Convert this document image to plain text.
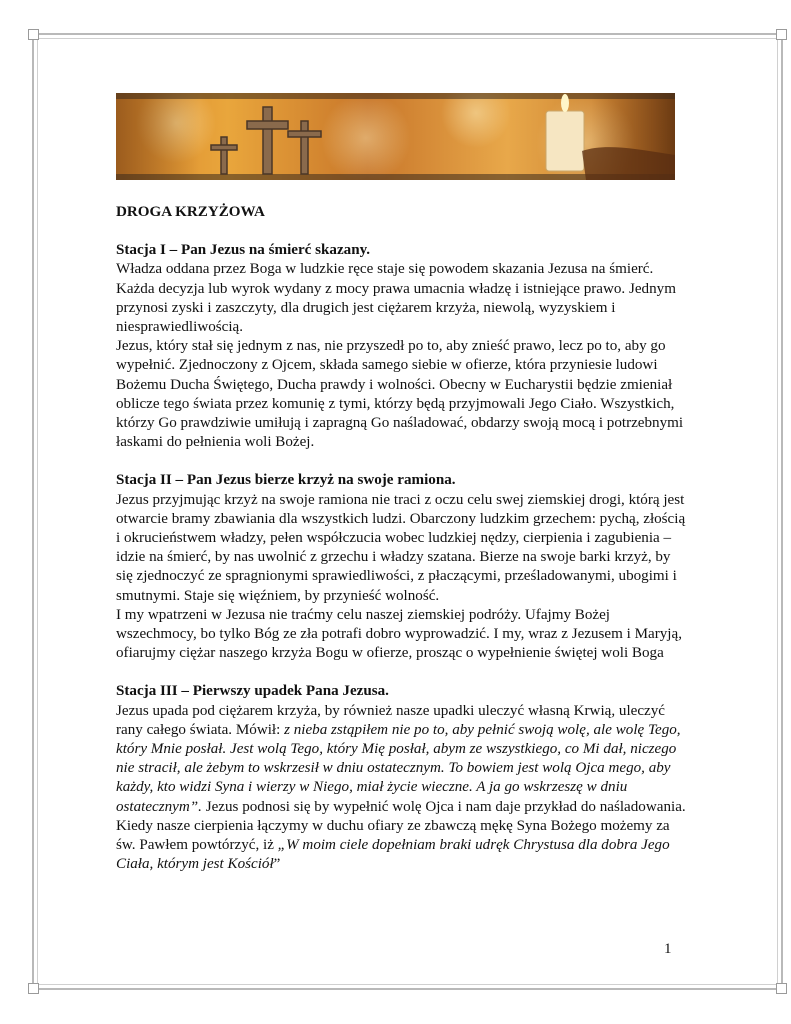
DROGA KRZYŻOWA

Stacja I – Pan Jezus na śmierć skazany.

Władza oddana przez Boga w ludzkie ręce staje się powodem skazania Jezusa na śmierć. Każda decyzja lub wyrok wydany z mocy prawa umacnia władzę i istniejące prawo. Jednym przynosi zyski i zaszczyty, dla drugich jest ciężarem krzyża, niewolą, wyzyskiem i niesprawiedliwością.

Jezus, który stał się jednym z nas, nie przyszedł po to, aby znieść prawo, lecz po to, aby go wypełnić. Zjednoczony z Ojcem, składa samego siebie w ofierze, która przyniesie ludowi Bożemu Ducha Świętego, Ducha prawdy i wolności. Obecny w Eucharystii będzie zmieniał oblicze tego świata przez komunię z tymi, którzy będą przyjmowali Jego Ciało. Wszystkich, którzy Go prawdziwie umiłują i zapragną Go naśladować, obdarzy swoją mocą i potrzebnymi łaskami do pełnienia woli Bożej.

Stacja II – Pan Jezus bierze krzyż na swoje ramiona.

Jezus przyjmując krzyż na swoje ramiona nie traci z oczu celu swej ziemskiej drogi, którą jest otwarcie bramy zbawiania dla wszystkich ludzi. Obarczony ludzkim grzechem: pychą, złością i okrucieństwem władzy, pełen współczucia wobec ludzkiej nędzy, cierpienia i zagubienia – idzie na śmierć, by nas uwolnić z grzechu i władzy szatana. Bierze na swoje barki krzyż, by się zjednoczyć ze spragnionymi sprawiedliwości, z płaczącymi, prześladowanymi, ubogimi i smutnymi. Staje się więźniem, by przynieść wolność.

I my wpatrzeni w Jezusa nie traćmy celu naszej ziemskiej podróży. Ufajmy Bożej wszechmocy, bo tylko Bóg ze zła potrafi dobro wyprowadzić. I my, wraz z Jezusem i Maryją, ofiarujmy ciężar naszego krzyża Bogu w ofierze, prosząc o wypełnienie świętej woli Boga

Stacja III – Pierwszy upadek Pana Jezusa.

Jezus upada pod ciężarem krzyża, by również nasze upadki uleczyć własną Krwią, uleczyć rany całego świata. Mówił: z nieba zstąpiłem nie po to, aby pełnić swoją wolę, ale wolę Tego, który Mnie posłał. Jest wolą Tego, który Mię posłał, abym ze wszystkiego, co Mi dał, niczego nie stracił, ale żebym to wskrzesił w dniu ostatecznym. To bowiem jest wolą Ojca mego, aby każdy, kto widzi Syna i wierzy w Niego, miał życie wieczne. A ja go wskrzeszę w dniu ostatecznym”. Jezus podnosi się by wypełnić wolę Ojca i nam daje przykład do naśladowania. Kiedy nasze cierpienia łączymy w duchu ofiary ze zbawczą mękę Syna Bożego możemy za św. Pawłem powtórzyć, iż „W moim ciele dopełniam braki udręk Chrystusa dla dobra Jego Ciała, którym jest Kościół”

1
